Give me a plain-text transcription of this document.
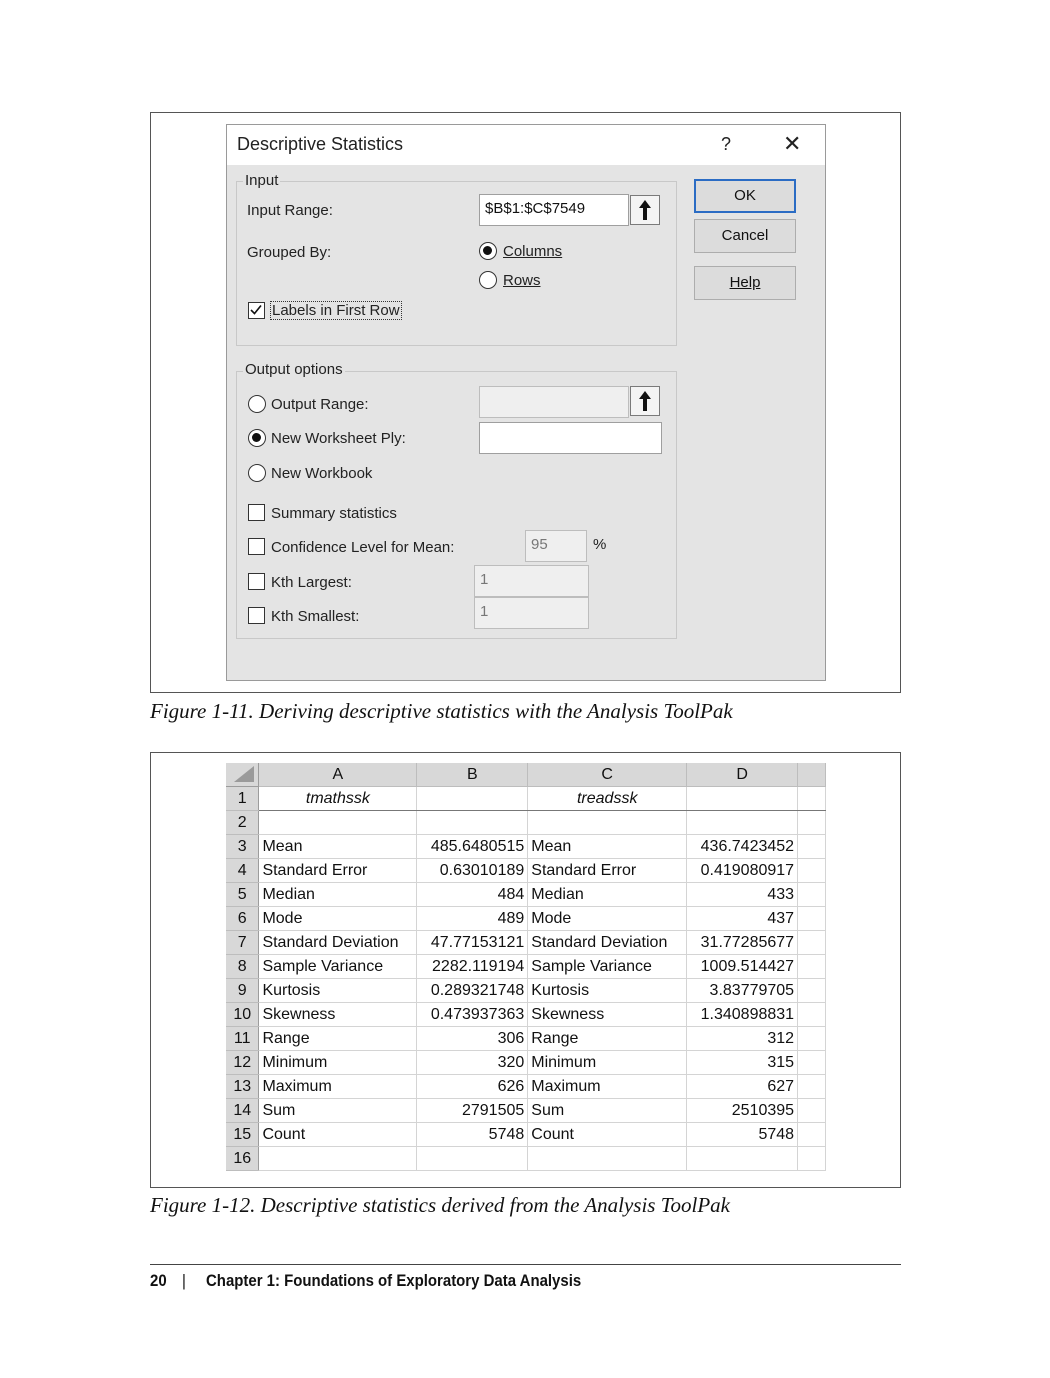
Descriptive Statistics	? ✕
Input
Input Range:	$B$1:$C$7549
Grouped By:	Columns
Rows
Labels in First Row
Output options
Output Range:
New Worksheet Ply:
New Workbook
Summary statistics
Confidence Level for Mean:	95	%
Kth Largest:	1
Kth Smallest:	1
OK
Cancel
Help
Figure 1-11. Deriving descriptive statistics with the Analysis ToolPak
	A	B	C	D	
1	tmathssk		treadssk		
2					
3	Mean	485.6480515	Mean	436.7423452	
4	Standard Error	0.63010189	Standard Error	0.419080917	
5	Median	484	Median	433	
6	Mode	489	Mode	437	
7	Standard Deviation	47.77153121	Standard Deviation	31.77285677	
8	Sample Variance	2282.119194	Sample Variance	1009.514427	
9	Kurtosis	0.289321748	Kurtosis	3.83779705	
10	Skewness	0.473937363	Skewness	1.340898831	
11	Range	306	Range	312	
12	Minimum	320	Minimum	315	
13	Maximum	626	Maximum	627	
14	Sum	2791505	Sum	2510395	
15	Count	5748	Count	5748	
16					
Figure 1-12. Descriptive statistics derived from the Analysis ToolPak
20 | Chapter 1: Foundations of Exploratory Data Analysis
